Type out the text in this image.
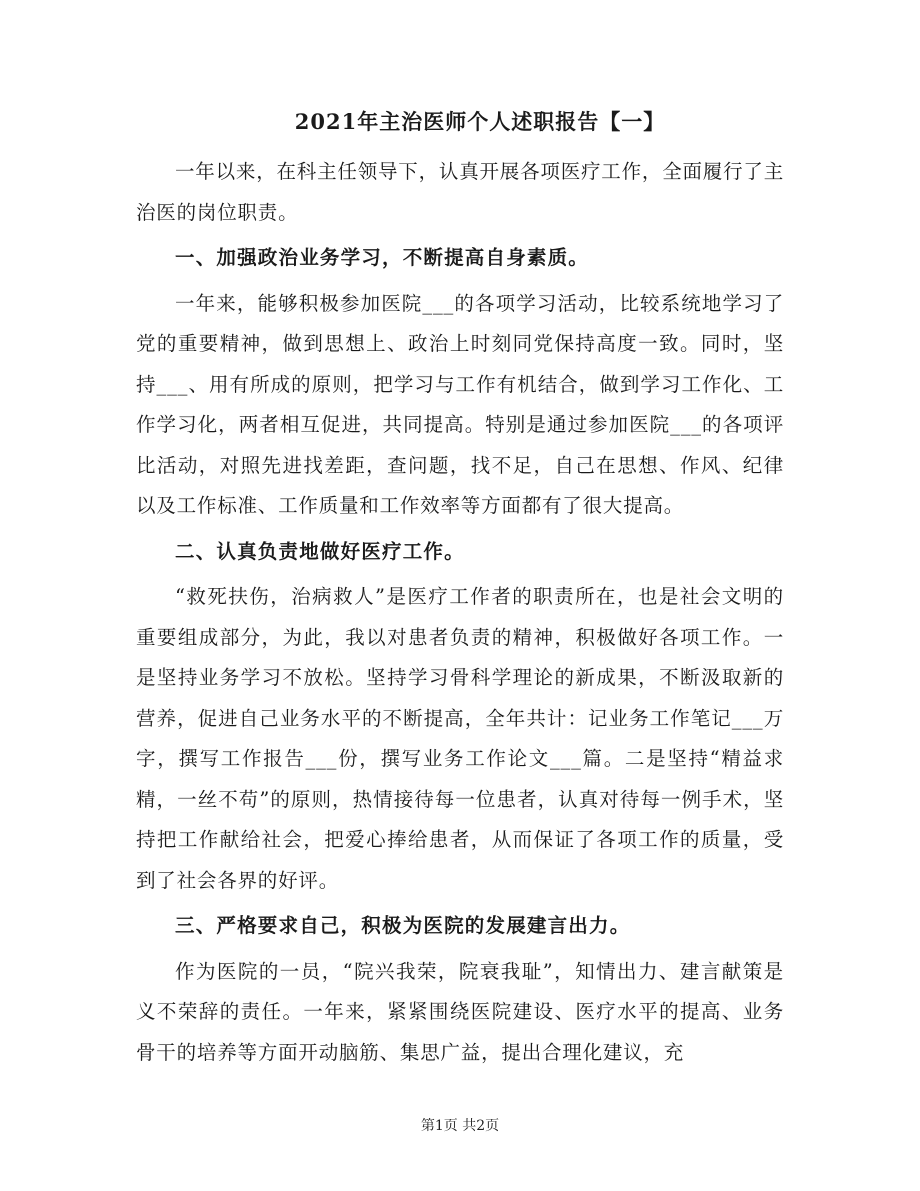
2021年主治医师个人述职报告【一】

一年以来，在科主任领导下，认真开展各项医疗工作，全面履行了主治医的岗位职责。

一、加强政治业务学习，不断提高自身素质。

一年来，能够积极参加医院___的各项学习活动，比较系统地学习了党的重要精神，做到思想上、政治上时刻同党保持高度一致。同时，坚持___、用有所成的原则，把学习与工作有机结合，做到学习工作化、工作学习化，两者相互促进，共同提高。特别是通过参加医院___的各项评比活动，对照先进找差距，查问题，找不足，自己在思想、作风、纪律以及工作标准、工作质量和工作效率等方面都有了很大提高。

二、认真负责地做好医疗工作。

“救死扶伤，治病救人”是医疗工作者的职责所在，也是社会文明的重要组成部分，为此，我以对患者负责的精神，积极做好各项工作。一是坚持业务学习不放松。坚持学习骨科学理论的新成果，不断汲取新的营养，促进自己业务水平的不断提高，全年共计：记业务工作笔记___万字，撰写工作报告___份，撰写业务工作论文___篇。二是坚持“精益求精，一丝不苟”的原则，热情接待每一位患者，认真对待每一例手术，坚持把工作献给社会，把爱心捧给患者，从而保证了各项工作的质量，受到了社会各界的好评。

三、严格要求自己，积极为医院的发展建言出力。

作为医院的一员，“院兴我荣，院衰我耻”，知情出力、建言献策是义不荣辞的责任。一年来，紧紧围绕医院建设、医疗水平的提高、业务骨干的培养等方面开动脑筋、集思广益，提出合理化建议，充

第1页 共2页
